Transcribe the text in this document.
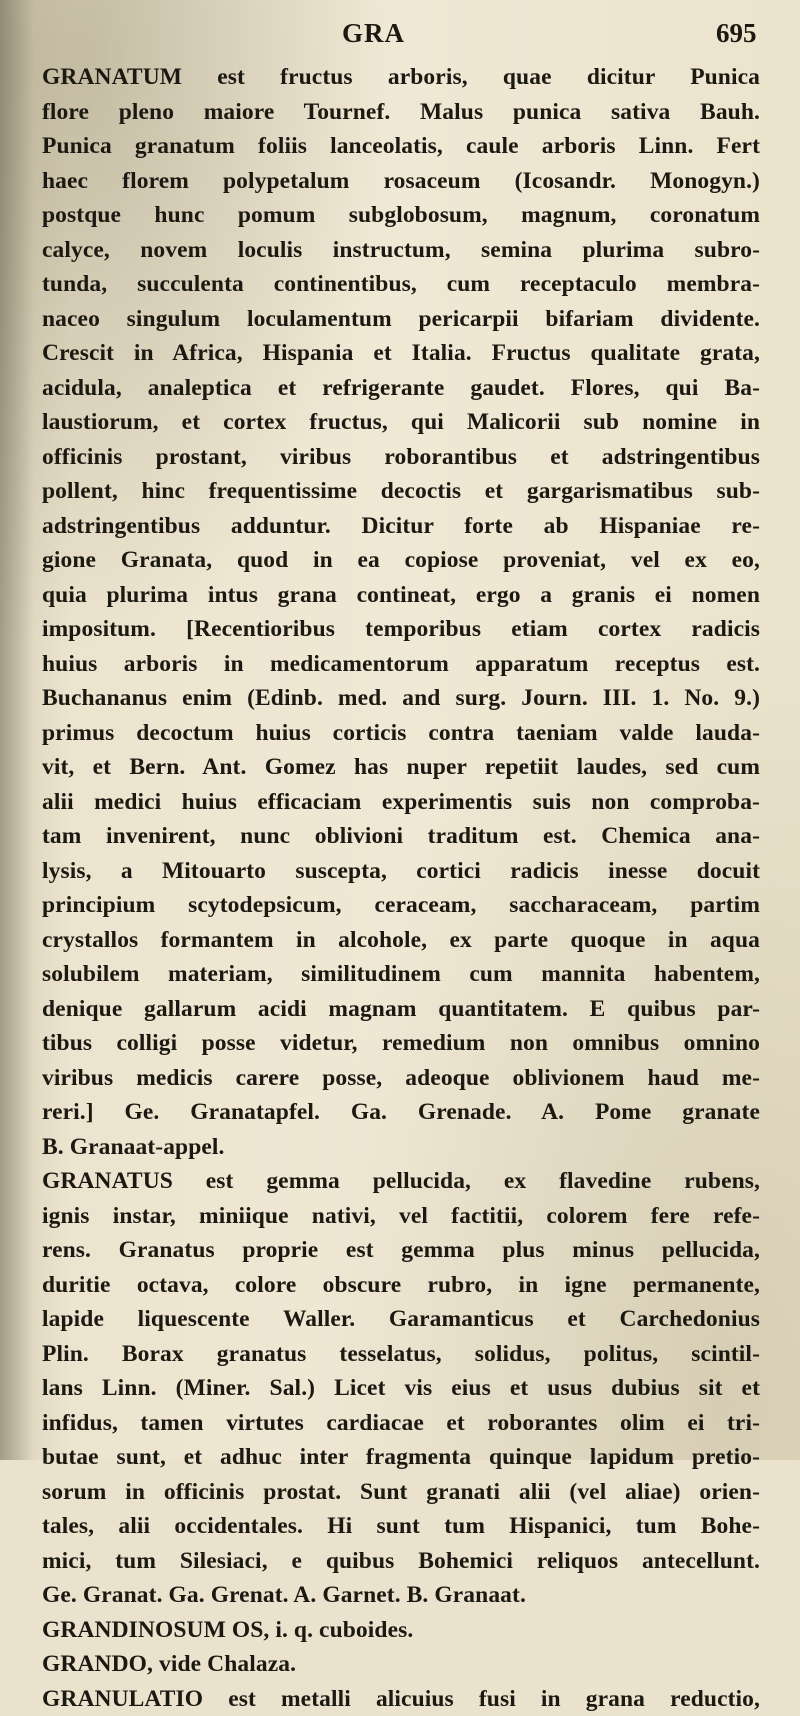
GRA	695
GRANATUM est fructus arboris, quae dicitur Punica
flore pleno maiore Tournef. Malus punica sativa Bauh.
Punica granatum foliis lanceolatis, caule arboris Linn. Fert
haec florem polypetalum rosaceum (Icosandr. Monogyn.)
postque hunc pomum subglobosum, magnum, coronatum
calyce, novem loculis instructum, semina plurima subro-
tunda, succulenta continentibus, cum receptaculo membra-
naceo singulum loculamentum pericarpii bifariam dividente.
Crescit in Africa, Hispania et Italia. Fructus qualitate grata,
acidula, analeptica et refrigerante gaudet. Flores, qui Ba-
laustiorum, et cortex fructus, qui Malicorii sub nomine in
officinis prostant, viribus roborantibus et adstringentibus
pollent, hinc frequentissime decoctis et gargarismatibus sub-
adstringentibus adduntur. Dicitur forte ab Hispaniae re-
gione Granata, quod in ea copiose proveniat, vel ex eo,
quia plurima intus grana contineat, ergo a granis ei nomen
impositum. [Recentioribus temporibus etiam cortex radicis
huius arboris in medicamentorum apparatum receptus est.
Buchananus enim (Edinb. med. and surg. Journ. III. 1. No. 9.)
primus decoctum huius corticis contra taeniam valde lauda-
vit, et Bern. Ant. Gomez has nuper repetiit laudes, sed cum
alii medici huius efficaciam experimentis suis non comproba-
tam invenirent, nunc oblivioni traditum est. Chemica ana-
lysis, a Mitouarto suscepta, cortici radicis inesse docuit
principium scytodepsicum, ceraceam, saccharaceam, partim
crystallos formantem in alcohole, ex parte quoque in aqua
solubilem materiam, similitudinem cum mannita habentem,
denique gallarum acidi magnam quantitatem. E quibus par-
tibus colligi posse videtur, remedium non omnibus omnino
viribus medicis carere posse, adeoque oblivionem haud me-
reri.] Ge. Granatapfel. Ga. Grenade. A. Pome granate
B. Granaat-appel.
GRANATUS est gemma pellucida, ex flavedine rubens,
ignis instar, miniique nativi, vel factitii, colorem fere refe-
rens. Granatus proprie est gemma plus minus pellucida,
duritie octava, colore obscure rubro, in igne permanente,
lapide liquescente Waller. Garamanticus et Carchedonius
Plin. Borax granatus tesselatus, solidus, politus, scintil-
lans Linn. (Miner. Sal.) Licet vis eius et usus dubius sit et
infidus, tamen virtutes cardiacae et roborantes olim ei tri-
butae sunt, et adhuc inter fragmenta quinque lapidum pretio-
sorum in officinis prostat. Sunt granati alii (vel aliae) orien-
tales, alii occidentales. Hi sunt tum Hispanici, tum Bohe-
mici, tum Silesiaci, e quibus Bohemici reliquos antecellunt.
Ge. Granat. Ga. Grenat. A. Garnet. B. Granaat.
GRANDINOSUM OS, i. q. cuboides.
GRANDO, vide Chalaza.
GRANULATIO est metalli alicuius fusi in grana reductio,
